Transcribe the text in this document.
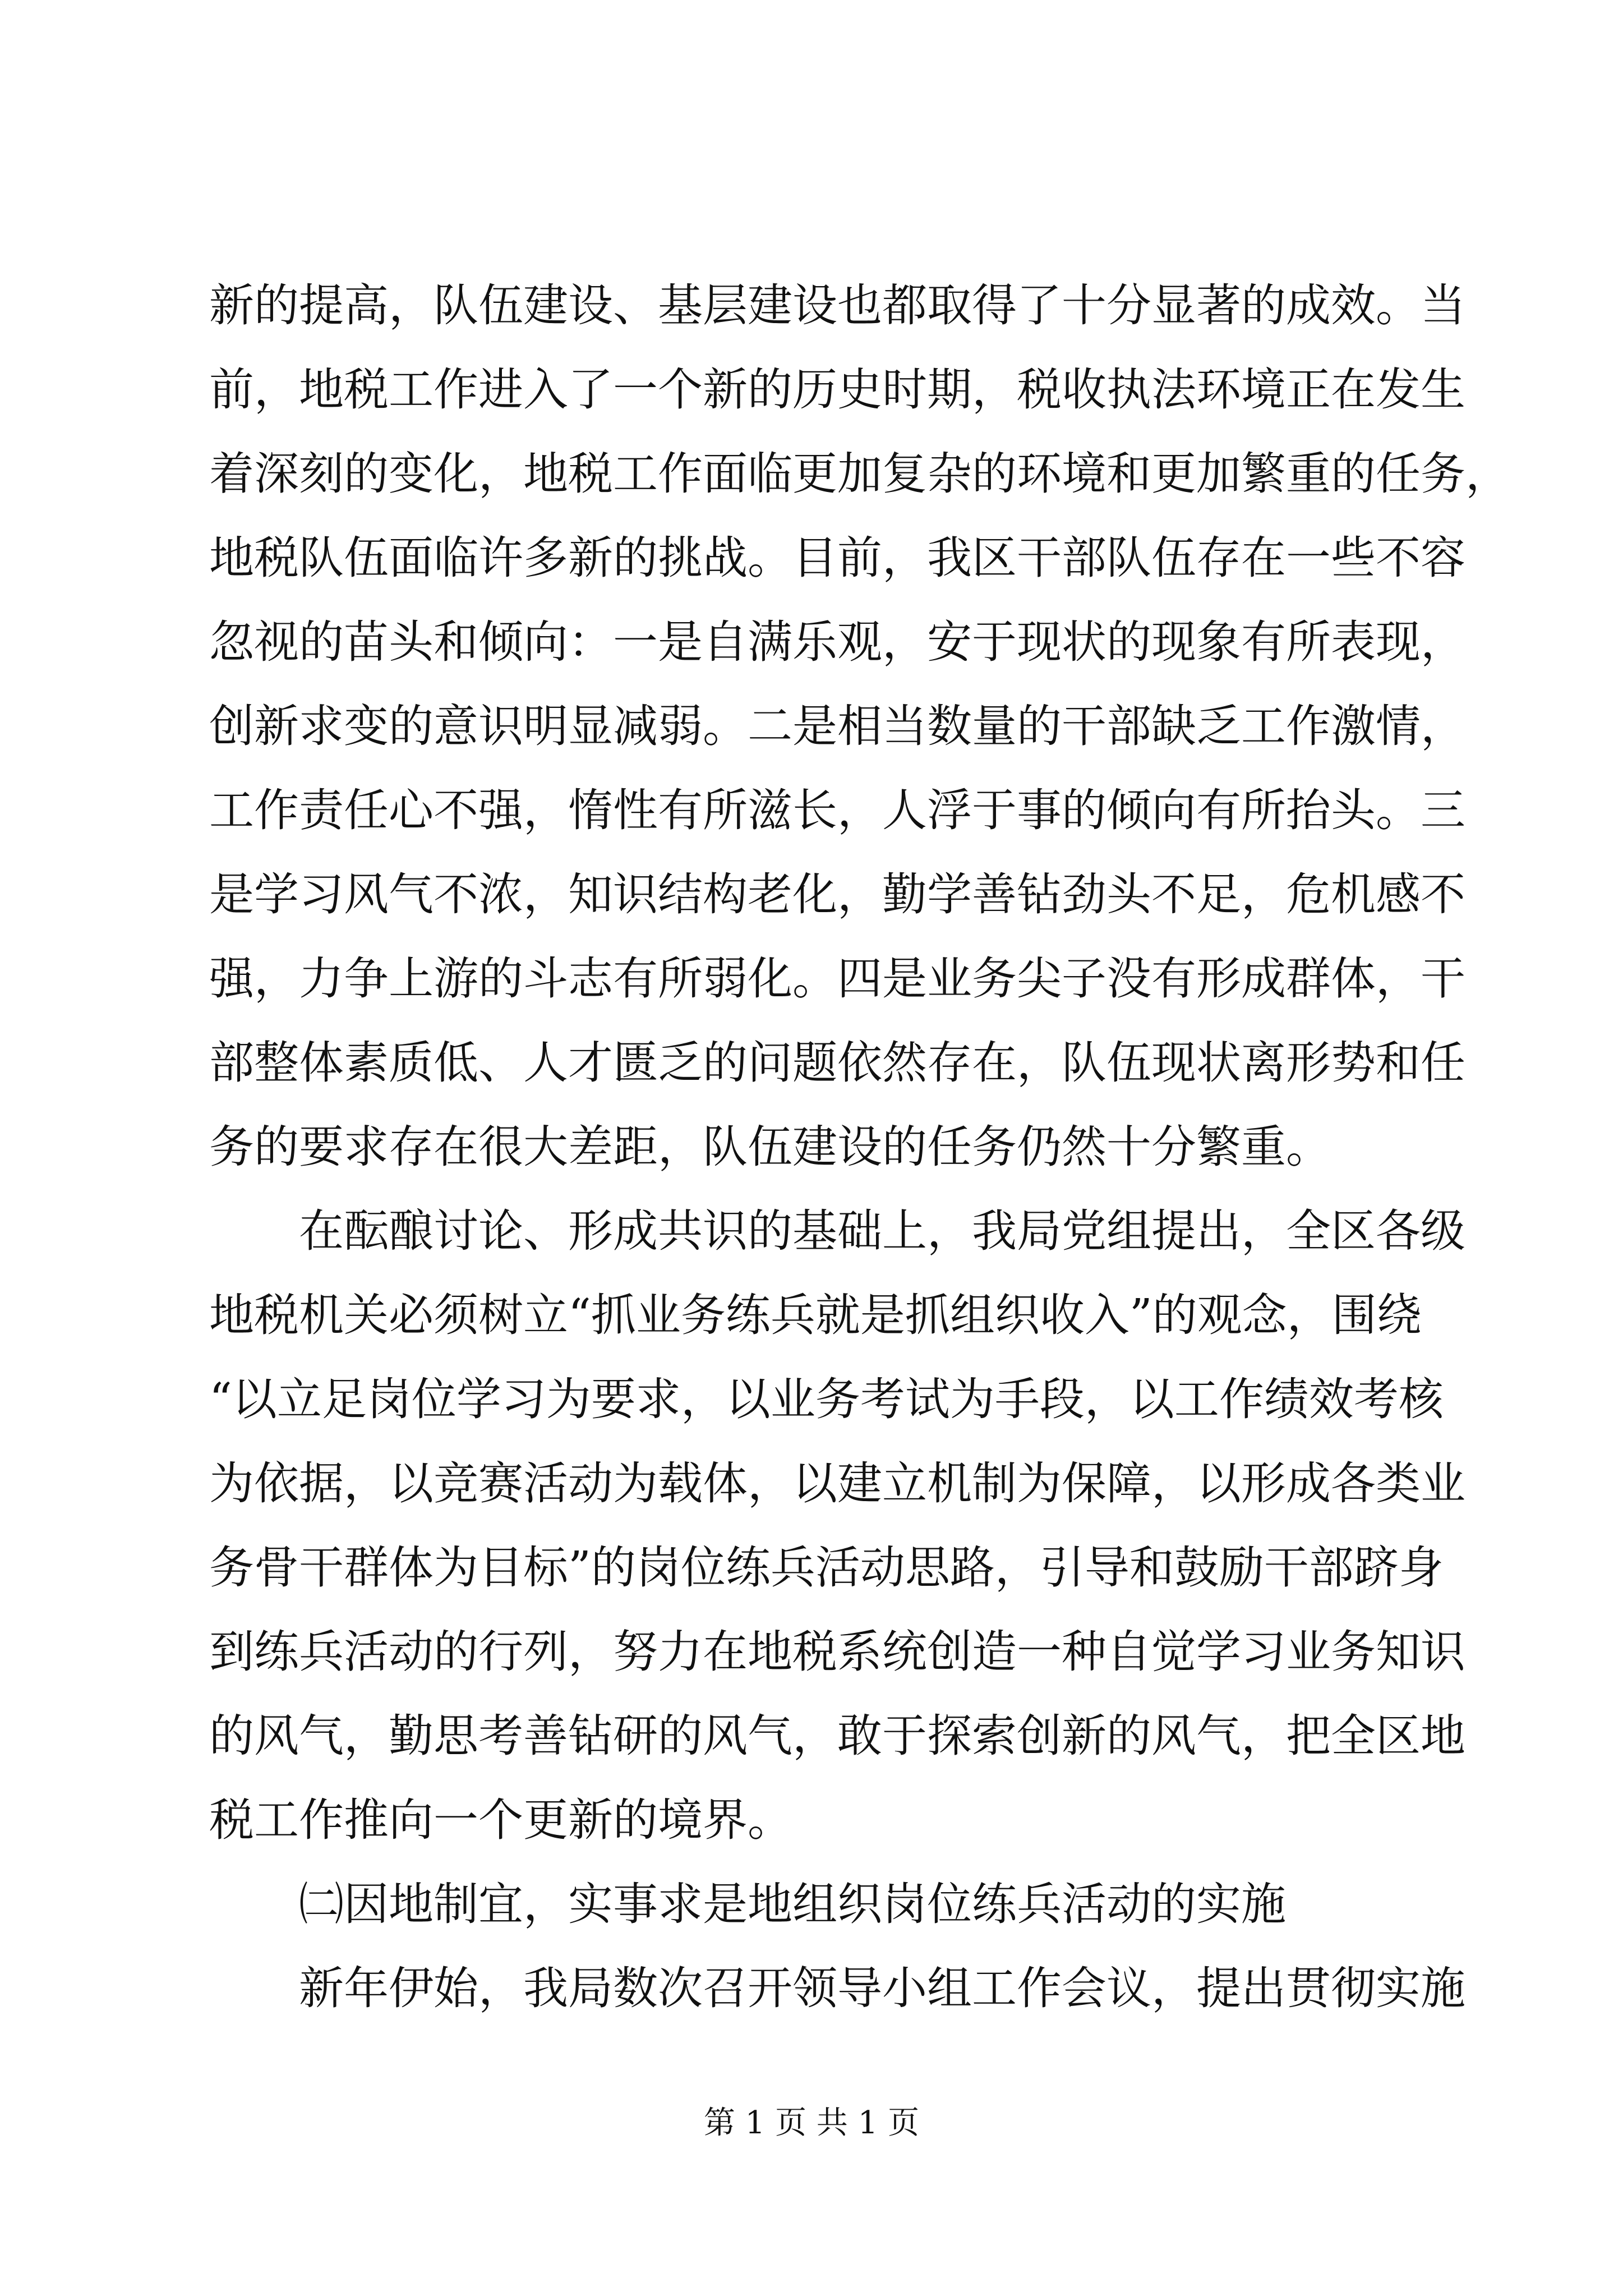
新的提高，队伍建设、基层建设也都取得了十分显著的成效。当
前，地税工作进入了一个新的历史时期，税收执法环境正在发生
着深刻的变化，地税工作面临更加复杂的环境和更加繁重的任务，
地税队伍面临许多新的挑战。目前，我区干部队伍存在一些不容
忽视的苗头和倾向：一是自满乐观，安于现状的现象有所表现，
创新求变的意识明显减弱。二是相当数量的干部缺乏工作激情，
工作责任心不强，惰性有所滋长，人浮于事的倾向有所抬头。三
是学习风气不浓，知识结构老化，勤学善钻劲头不足，危机感不
强，力争上游的斗志有所弱化。四是业务尖子没有形成群体，干
部整体素质低、人才匮乏的问题依然存在，队伍现状离形势和任
务的要求存在很大差距，队伍建设的任务仍然十分繁重。
在酝酿讨论、形成共识的基础上，我局党组提出，全区各级
地税机关必须树立“抓业务练兵就是抓组织收入”的观念，围绕
“以立足岗位学习为要求，以业务考试为手段，以工作绩效考核
为依据，以竞赛活动为载体，以建立机制为保障，以形成各类业
务骨干群体为目标”的岗位练兵活动思路，引导和鼓励干部跻身
到练兵活动的行列，努力在地税系统创造一种自觉学习业务知识
的风气，勤思考善钻研的风气，敢于探索创新的风气，把全区地
税工作推向一个更新的境界。
㈡因地制宜，实事求是地组织岗位练兵活动的实施
新年伊始，我局数次召开领导小组工作会议，提出贯彻实施
第 1 页 共 1 页
